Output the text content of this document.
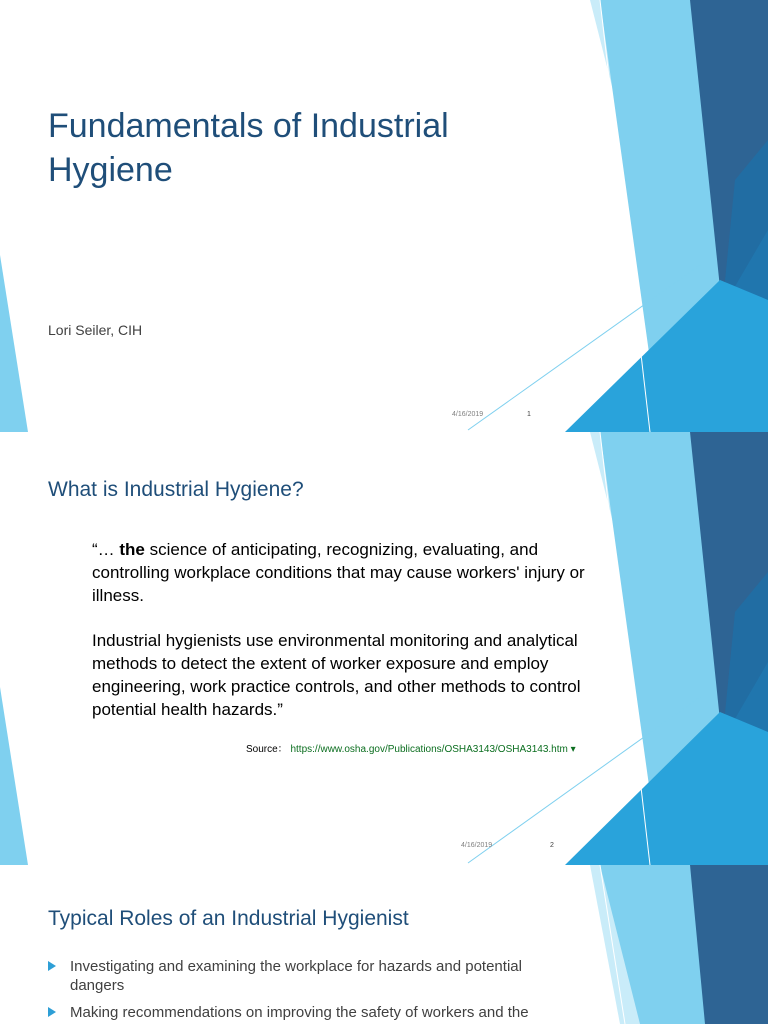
Fundamentals of Industrial Hygiene
Lori Seiler, CIH
4/16/2019	1
What is Industrial Hygiene?

“… the science of anticipating, recognizing, evaluating, and controlling workplace conditions that may cause workers' injury or illness.

Industrial hygienists use environmental monitoring and analytical methods to detect the extent of worker exposure and employ engineering, work practice controls, and other methods to control potential health hazards.”

Source： https://www.osha.gov/Publications/OSHA3143/OSHA3143.htm ▾
4/16/2019	2
Typical Roles of an Industrial Hygienist
Investigating and examining the workplace for hazards and potential dangers
Making recommendations on improving the safety of workers and the
